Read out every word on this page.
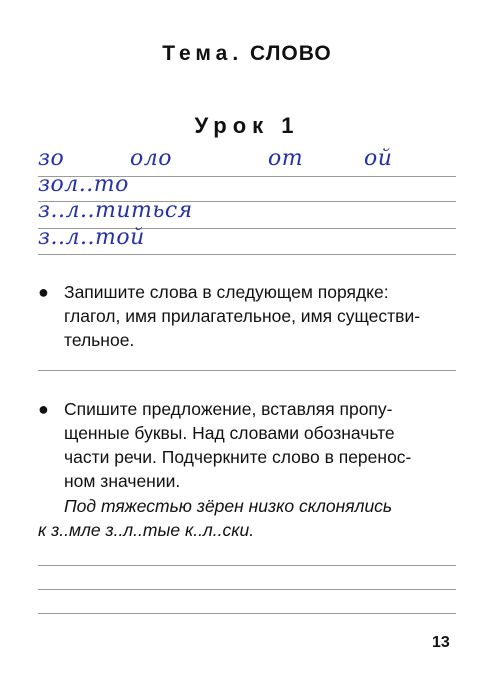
Тема. СЛОВО
Урок 1
зо	оло	от	ой
зол..то
з..л..титься
з..л..той
● Запишите слова в следующем порядке:
глагол, имя прилагательное, имя существи-
тельное.
● Спишите предложение, вставляя пропу-
щенные буквы. Над словами обозначьте
части речи. Подчеркните слово в перенос-
ном значении.
Под тяжестью зёрен низко склонялись
к з..мле з..л..тые к..л..ски.
13
